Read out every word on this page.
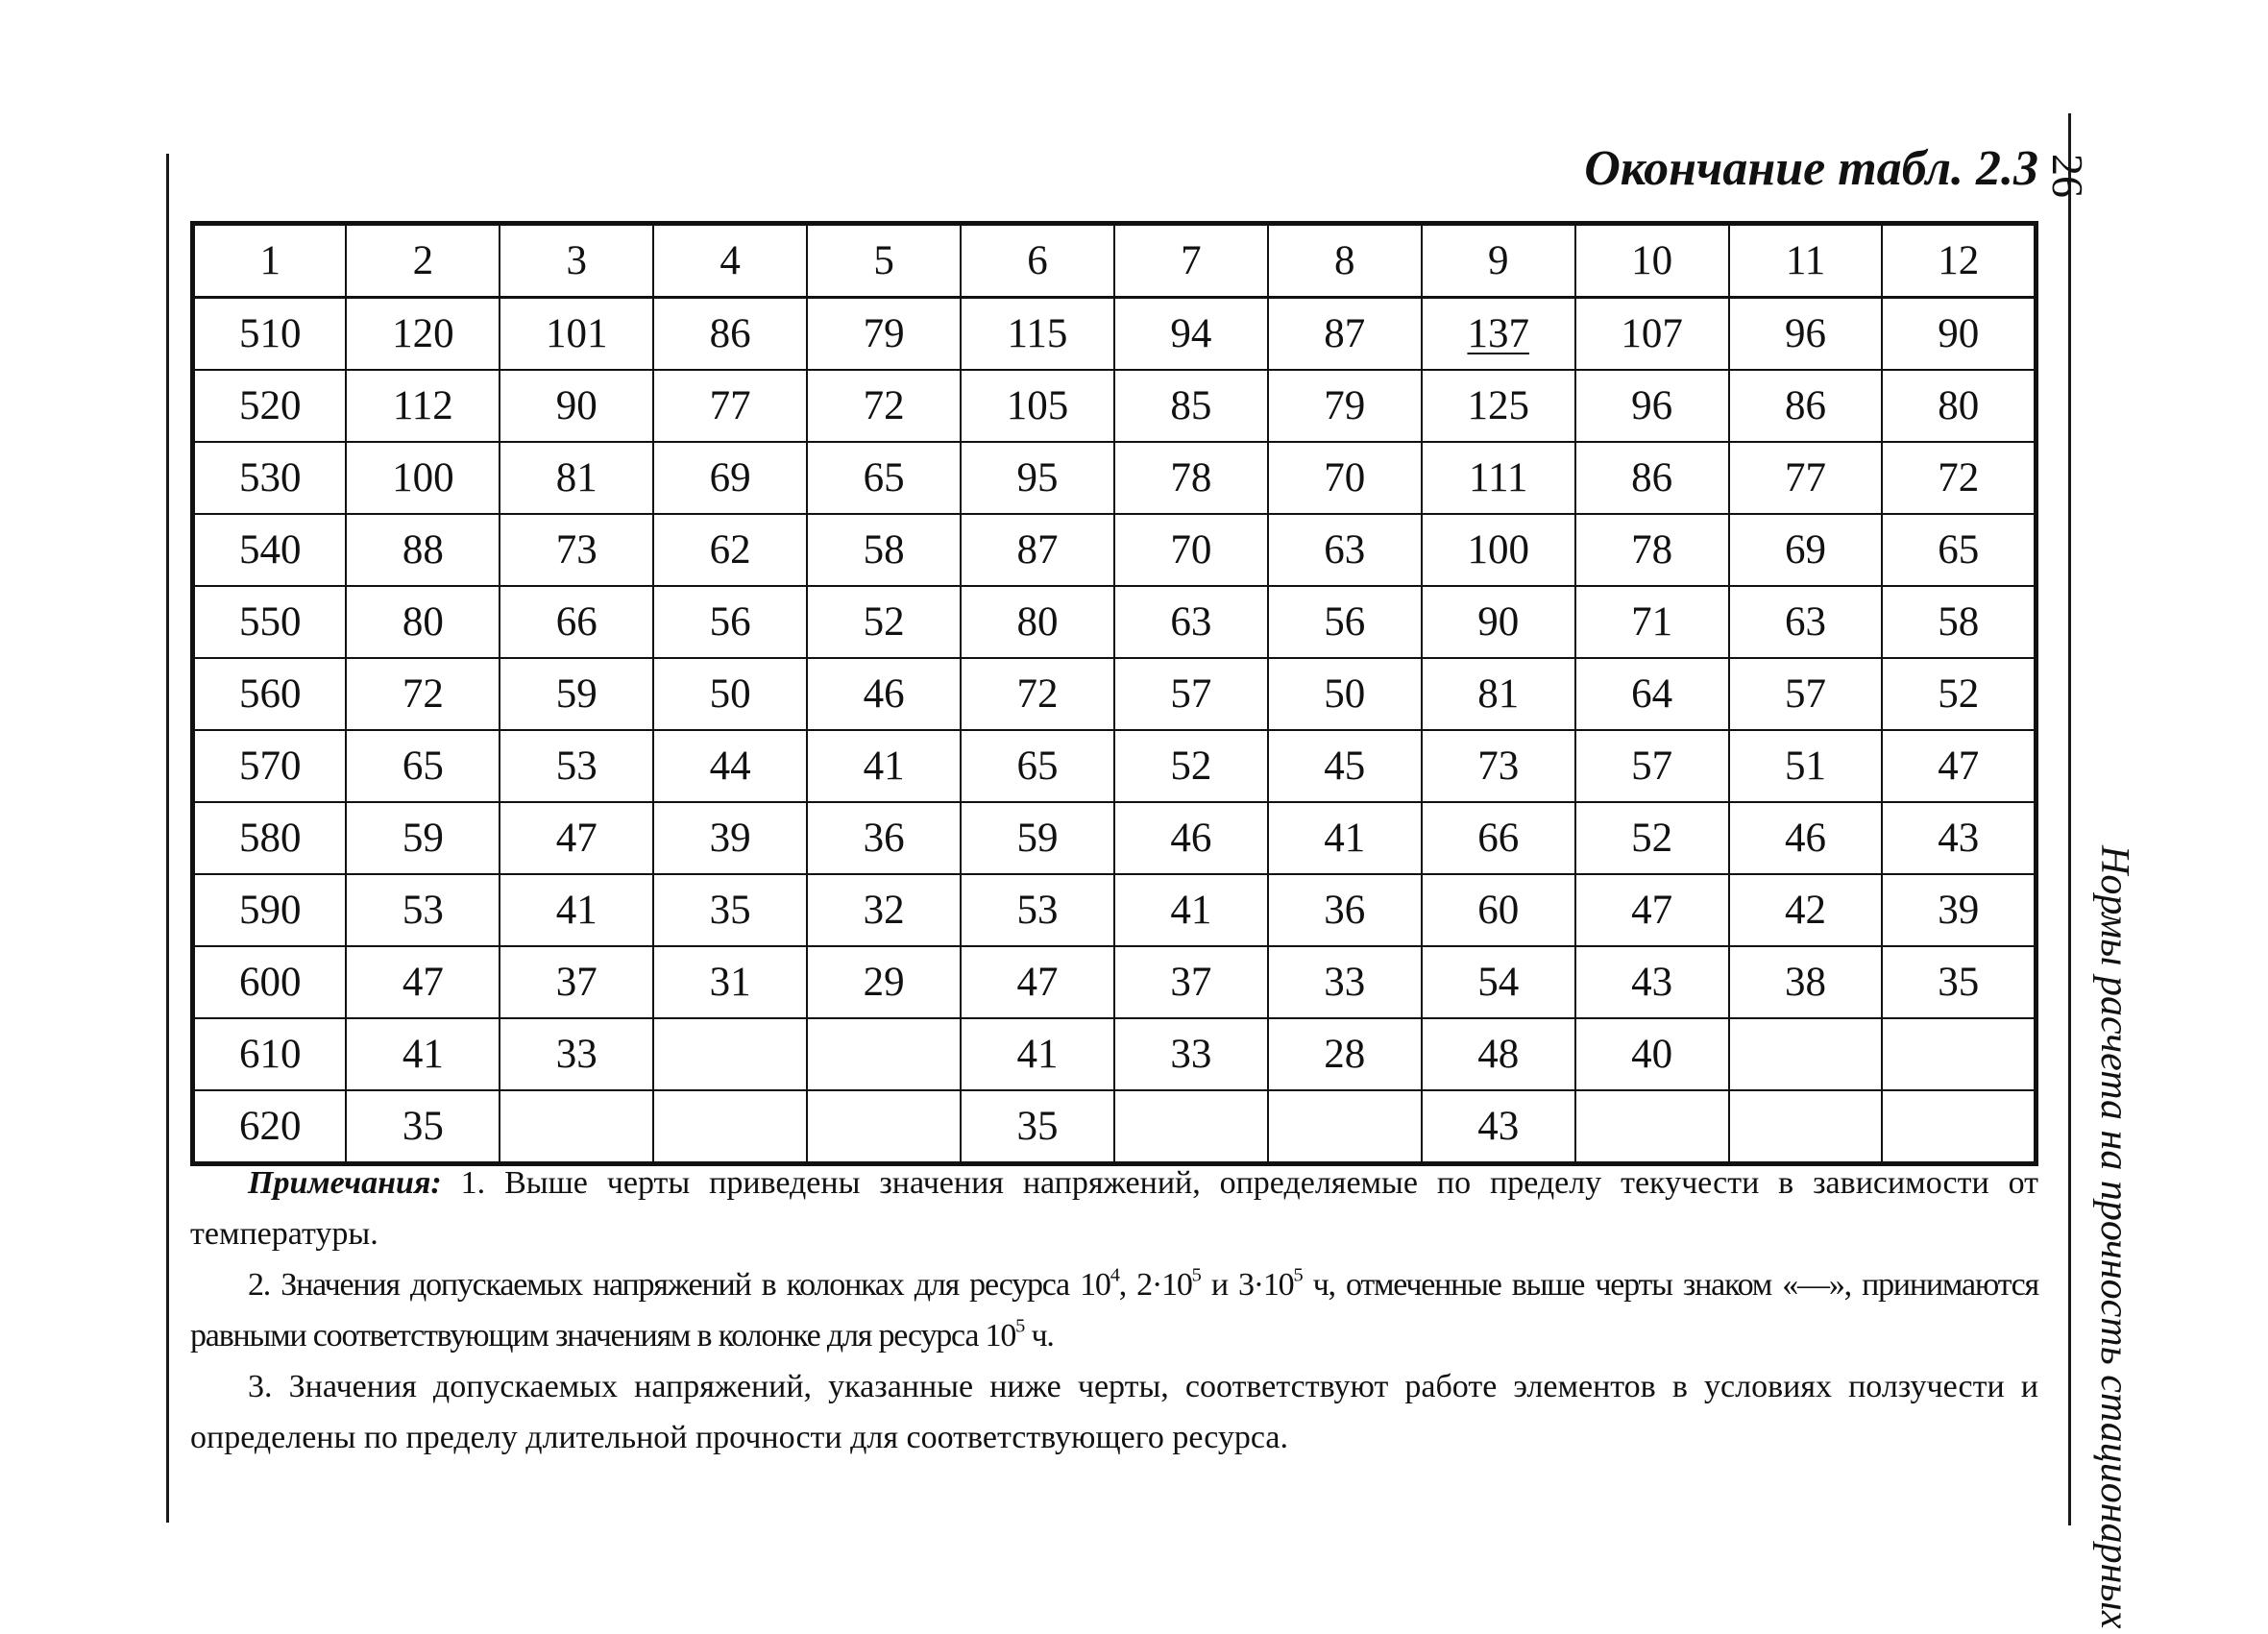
Окончание табл. 2.3 26
Нормы расчета на прочность стационарных
1	2	3	4	5	6	7	8	9	10	11	12
510	120	101	86	79	115	94	87	137	107	96	90
520	112	90	77	72	105	85	79	125	96	86	80
530	100	81	69	65	95	78	70	111	86	77	72
540	88	73	62	58	87	70	63	100	78	69	65
550	80	66	56	52	80	63	56	90	71	63	58
560	72	59	50	46	72	57	50	81	64	57	52
570	65	53	44	41	65	52	45	73	57	51	47
580	59	47	39	36	59	46	41	66	52	46	43
590	53	41	35	32	53	41	36	60	47	42	39
600	47	37	31	29	47	37	33	54	43	38	35
610	41	33			41	33	28	48	40		
620	35				35			43			

Примечания: 1. Выше черты приведены значения напряжений, определяемые по пределу текучести в зависимости от температуры.

2. Значения допускаемых напряжений в колонках для ресурса $10^4$, $2\cdot 10^5$ и $3\cdot 10^5$ ч, отмеченные выше черты знаком «—», принимаются равными соответствующим значениям в колонке для ресурса $10^5$ ч.

3. Значения допускаемых напряжений, указанные ниже черты, соответствуют работе элементов в условиях ползучести и определены по пределу длительной прочности для соответствующего ресурса.
